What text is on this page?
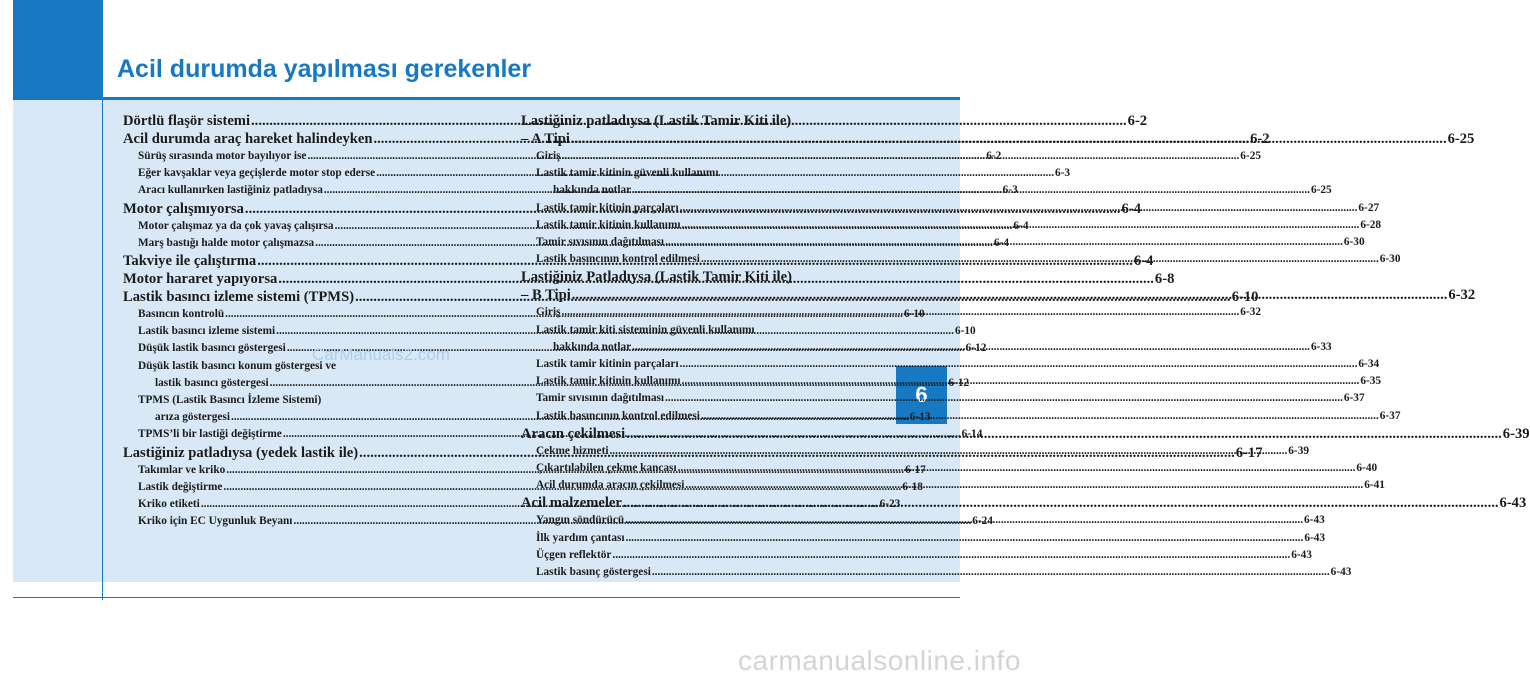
Acil durumda yapılması gerekenler
6
Dörtlü flaşör sistemi .....	6-2
Acil durumda araç hareket halindeyken .....	6-2
Sürüş sırasında motor bayılıyor ise .....	6-2
Eğer kavşaklar veya geçişlerde motor stop ederse .....	6-3
Aracı kullanırken lastiğiniz patladıysa .....	6-3
Motor çalışmıyorsa .....	6-4
Motor çalışmaz ya da çok yavaş çalışırsa .....	6-4
Marş bastığı halde motor çalışmazsa .....	6-4
Takviye ile çalıştırma .....	6-4
Motor hararet yapıyorsa .....	6-8
Lastik basıncı izleme sistemi (TPMS) .....	6-10
Basıncın kontrolü .....	6-10
Lastik basıncı izleme sistemi .....	6-10
Düşük lastik basıncı göstergesi .....	6-12
Düşük lastik basıncı konum göstergesi ve
lastik basıncı göstergesi .....	6-12
TPMS (Lastik Basıncı İzleme Sistemi)
arıza göstergesi .....	6-13
TPMS’li bir lastiği değiştirme .....	6-14
Lastiğiniz patladıysa (yedek lastik ile) .....	6-17
Takımlar ve kriko .....	6-17
Lastik değiştirme .....	6-18
Kriko etiketi .....	6-23
Kriko için EC Uygunluk Beyanı .....	6-24
Lastiğiniz patladıysa (Lastik Tamir Kiti ile)
– A Tipi .....	6-25
Giriş .....	6-25
Lastik tamir kitinin güvenli kullanımı
hakkında notlar .....	6-25
Lastik tamir kitinin parçaları .....	6-27
Lastik tamir kitinin kullanımı .....	6-28
Tamir sıvısının dağıtılması .....	6-30
Lastik basıncının kontrol edilmesi .....	6-30
Lastiğiniz Patladıysa (Lastik Tamir Kiti ile)
– B Tipi .....	6-32
Giriş .....	6-32
Lastik tamir kiti sisteminin güvenli kullanımı
hakkında notlar .....	6-33
Lastik tamir kitinin parçaları .....	6-34
Lastik tamir kitinin kullanımı .....	6-35
Tamir sıvısının dağıtılması .....	6-37
Lastik basıncının kontrol edilmesi .....	6-37
Aracın çekilmesi .....	6-39
Çekme hizmeti .....	6-39
Çıkartılabilen çekme kancası .....	6-40
Acil durumda aracın çekilmesi .....	6-41
Acil malzemeler .....	6-43
Yangın söndürücü .....	6-43
İlk yardım çantası .....	6-43
Üçgen reflektör .....	6-43
Lastik basınç göstergesi .....	6-43
CarManuals2.com
carmanualsonline.info
